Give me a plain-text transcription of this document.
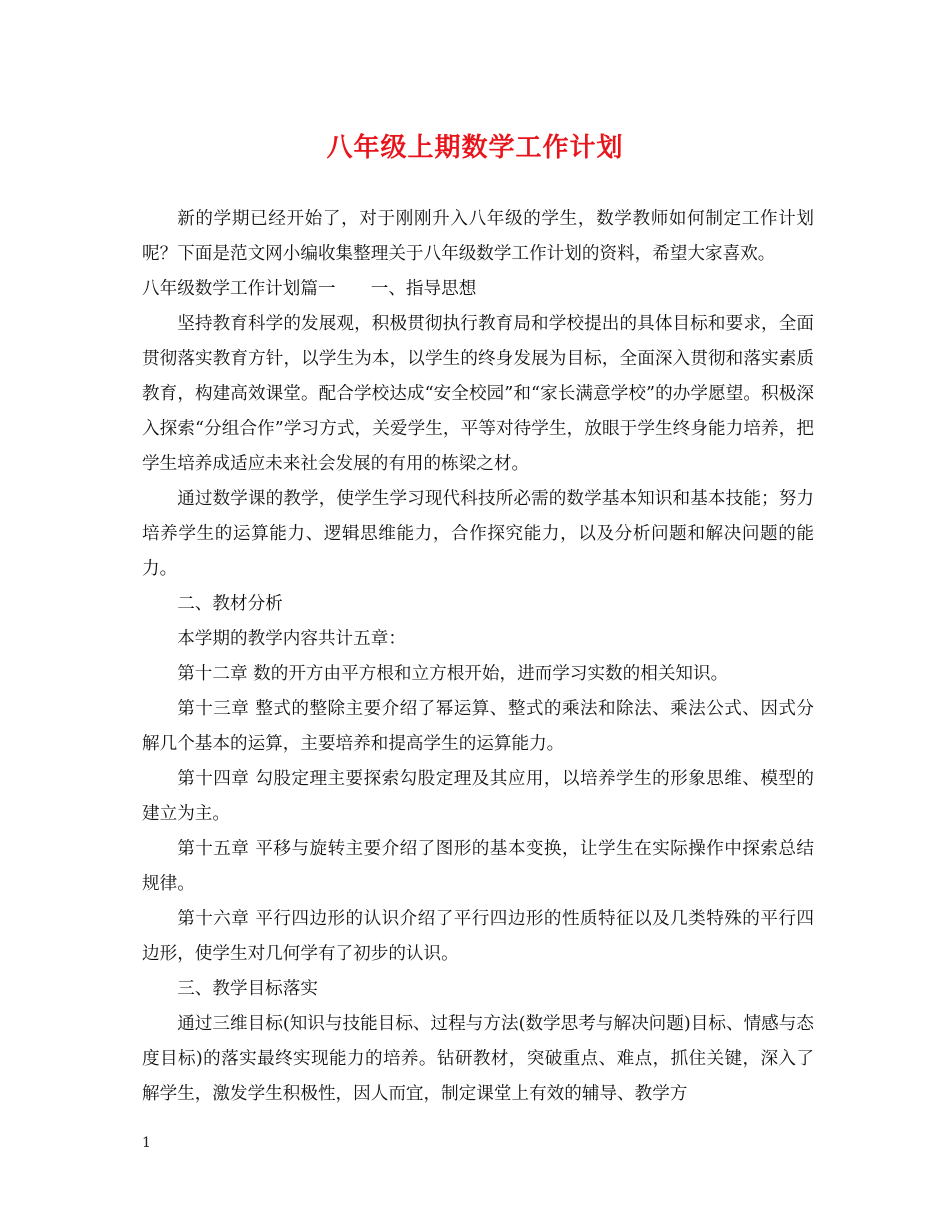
八年级上期数学工作计划

新的学期已经开始了，对于刚刚升入八年级的学生，数学教师如何制定工作计划呢？下面是范文网小编收集整理关于八年级数学工作计划的资料，希望大家喜欢。

八年级数学工作计划篇一　　一、指导思想

坚持教育科学的发展观，积极贯彻执行教育局和学校提出的具体目标和要求，全面贯彻落实教育方针，以学生为本，以学生的终身发展为目标，全面深入贯彻和落实素质教育，构建高效课堂。配合学校达成“安全校园”和“家长满意学校”的办学愿望。积极深入探索“分组合作”学习方式，关爱学生，平等对待学生，放眼于学生终身能力培养，把学生培养成适应未来社会发展的有用的栋梁之材。

通过数学课的教学，使学生学习现代科技所必需的数学基本知识和基本技能；努力培养学生的运算能力、逻辑思维能力，合作探究能力，以及分析问题和解决问题的能力。

二、教材分析

本学期的教学内容共计五章：

第十二章 数的开方由平方根和立方根开始，进而学习实数的相关知识。

第十三章 整式的整除主要介绍了幂运算、整式的乘法和除法、乘法公式、因式分解几个基本的运算，主要培养和提高学生的运算能力。

第十四章 勾股定理主要探索勾股定理及其应用，以培养学生的形象思维、模型的建立为主。

第十五章 平移与旋转主要介绍了图形的基本变换，让学生在实际操作中探索总结规律。

第十六章 平行四边形的认识介绍了平行四边形的性质特征以及几类特殊的平行四边形，使学生对几何学有了初步的认识。

三、教学目标落实

通过三维目标(知识与技能目标、过程与方法(数学思考与解决问题)目标、情感与态度目标)的落实最终实现能力的培养。钻研教材，突破重点、难点，抓住关键，深入了解学生，激发学生积极性，因人而宜，制定课堂上有效的辅导、教学方

1
